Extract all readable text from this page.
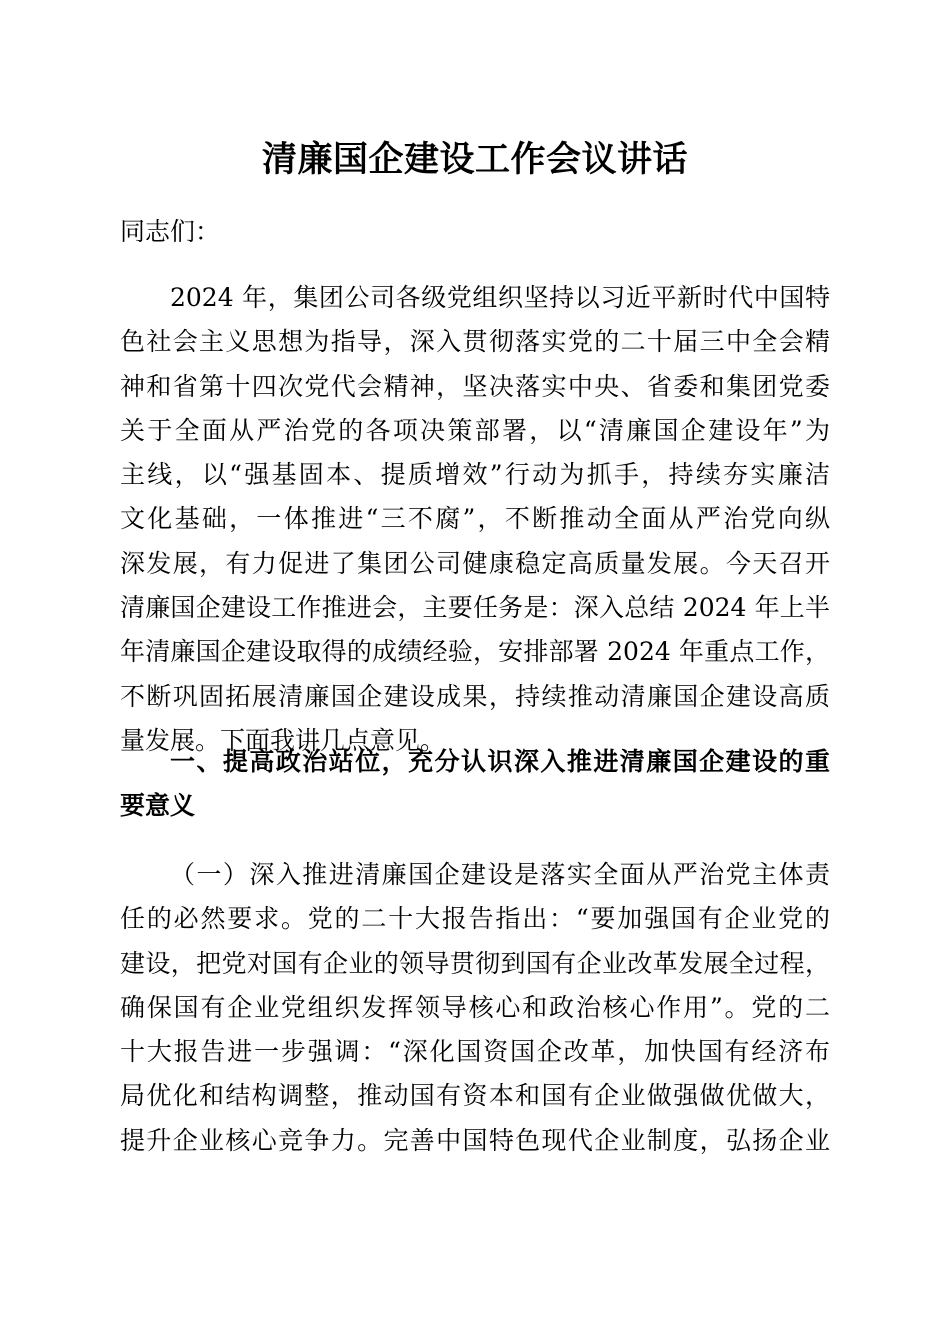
清廉国企建设工作会议讲话
同志们：
2024 年，集团公司各级党组织坚持以习近平新时代中国特
色社会主义思想为指导，深入贯彻落实党的二十届三中全会精
神和省第十四次党代会精神，坚决落实中央、省委和集团党委
关于全面从严治党的各项决策部署，以“清廉国企建设年”为
主线，以“强基固本、提质增效”行动为抓手，持续夯实廉洁
文化基础，一体推进“三不腐”，不断推动全面从严治党向纵
深发展，有力促进了集团公司健康稳定高质量发展。今天召开
清廉国企建设工作推进会，主要任务是：深入总结 2024 年上半
年清廉国企建设取得的成绩经验，安排部署 2024 年重点工作，
不断巩固拓展清廉国企建设成果，持续推动清廉国企建设高质
量发展。下面我讲几点意见。
一、提高政治站位，充分认识深入推进清廉国企建设的重
要意义
（一）深入推进清廉国企建设是落实全面从严治党主体责
任的必然要求。党的二十大报告指出：“要加强国有企业党的
建设，把党对国有企业的领导贯彻到国有企业改革发展全过程，
确保国有企业党组织发挥领导核心和政治核心作用”。党的二
十大报告进一步强调：“深化国资国企改革，加快国有经济布
局优化和结构调整，推动国有资本和国有企业做强做优做大，
提升企业核心竞争力。完善中国特色现代企业制度，弘扬企业
